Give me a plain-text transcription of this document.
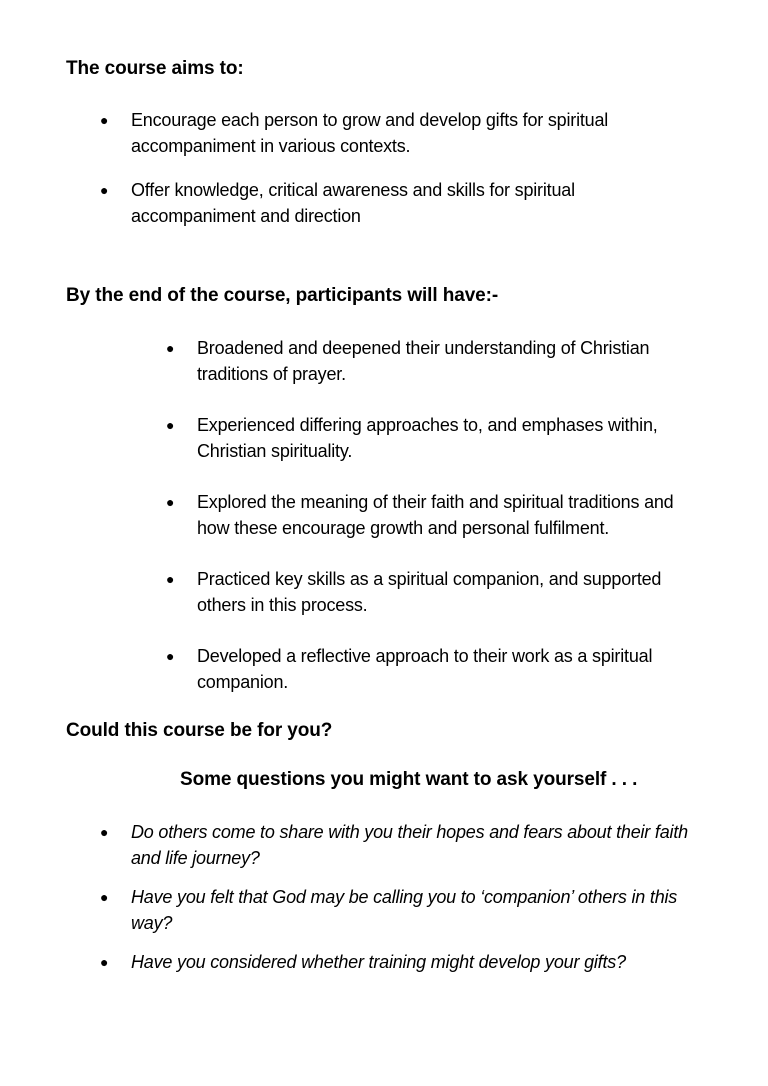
The course aims to:
● Encourage each person to grow and develop gifts for spiritual accompaniment in various contexts.
● Offer knowledge, critical awareness and skills for spiritual accompaniment and direction
By the end of the course, participants will have:-
● Broadened and deepened their understanding of Christian traditions of prayer.
● Experienced differing approaches to, and emphases within, Christian spirituality.
● Explored the meaning of their faith and spiritual traditions and how these encourage growth and personal fulfilment.
● Practiced key skills as a spiritual companion, and supported others in this process.
● Developed a reflective approach to their work as a spiritual companion.
Could this course be for you?
Some questions you might want to ask yourself . . .
● Do others come to share with you their hopes and fears about their faith and life journey?
● Have you felt that God may be calling you to ‘companion’ others in this way?
● Have you considered whether training might develop your gifts?
